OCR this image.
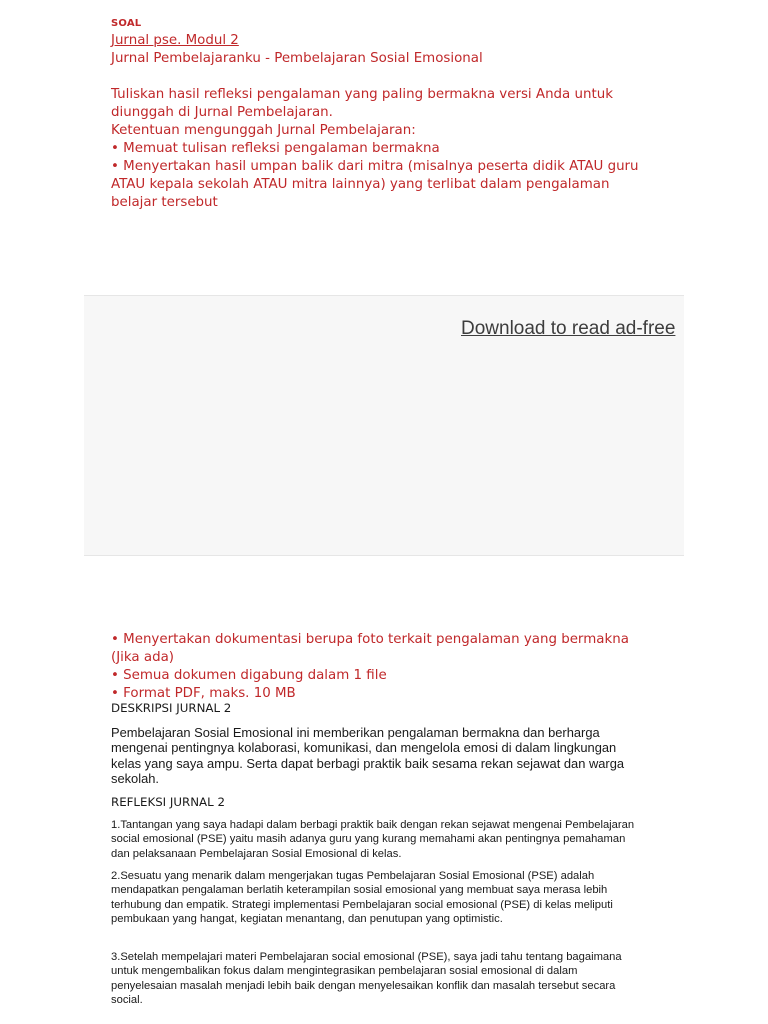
SOAL
Jurnal pse. Modul 2
Jurnal Pembelajaranku - Pembelajaran Sosial Emosional
Tuliskan hasil refleksi pengalaman yang paling bermakna versi Anda untuk diunggah di Jurnal Pembelajaran.
Ketentuan mengunggah Jurnal Pembelajaran:
• Memuat tulisan refleksi pengalaman bermakna
• Menyertakan hasil umpan balik dari mitra (misalnya peserta didik ATAU guru ATAU kepala sekolah ATAU mitra lainnya) yang terlibat dalam pengalaman belajar tersebut
Download to read ad-free
• Menyertakan dokumentasi berupa foto terkait pengalaman yang bermakna (Jika ada)
• Semua dokumen digabung dalam 1 file
• Format PDF, maks. 10 MB
DESKRIPSI JURNAL 2
Pembelajaran Sosial Emosional ini memberikan pengalaman bermakna dan berharga mengenai pentingnya kolaborasi, komunikasi, dan mengelola emosi di dalam lingkungan kelas yang saya ampu. Serta dapat berbagi praktik baik sesama rekan sejawat dan warga sekolah.
REFLEKSI JURNAL 2

1.Tantangan yang saya hadapi dalam berbagi praktik baik dengan rekan sejawat mengenai Pembelajaran social emosional (PSE) yaitu masih adanya guru yang kurang memahami akan pentingnya pemahaman dan pelaksanaan Pembelajaran Sosial Emosional di kelas.

2.Sesuatu yang menarik dalam mengerjakan tugas Pembelajaran Sosial Emosional (PSE) adalah mendapatkan pengalaman berlatih keterampilan sosial emosional yang membuat saya merasa lebih terhubung dan empatik. Strategi implementasi Pembelajaran social emosional (PSE) di kelas meliputi pembukaan yang hangat, kegiatan menantang, dan penutupan yang optimistic.

3.Setelah mempelajari materi Pembelajaran social emosional (PSE), saya jadi tahu tentang bagaimana untuk mengembalikan fokus dalam mengintegrasikan pembelajaran sosial emosional di dalam penyelesaian masalah menjadi lebih baik dengan menyelesaikan konflik dan masalah tersebut secara social.
